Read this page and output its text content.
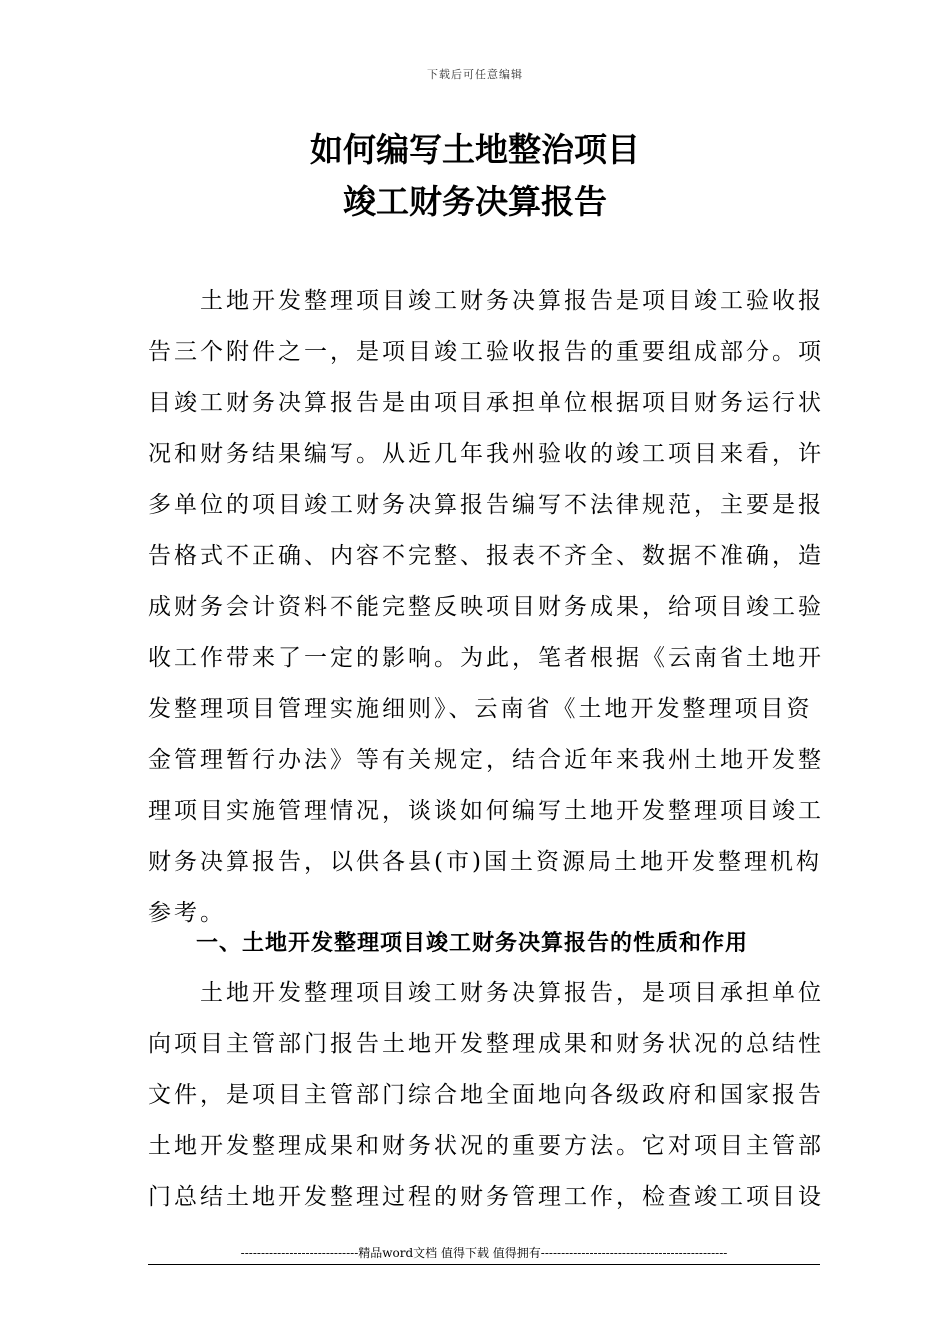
下载后可任意编辑
如何编写土地整治项目
竣工财务决算报告
　　土地开发整理项目竣工财务决算报告是项目竣工验收报
告三个附件之一，是项目竣工验收报告的重要组成部分。项
目竣工财务决算报告是由项目承担单位根据项目财务运行状
况和财务结果编写。从近几年我州验收的竣工项目来看，许
多单位的项目竣工财务决算报告编写不法律规范，主要是报
告格式不正确、内容不完整、报表不齐全、数据不准确，造
成财务会计资料不能完整反映项目财务成果，给项目竣工验
收工作带来了一定的影响。为此，笔者根据《云南省土地开
发整理项目管理实施细则》、云南省《土地开发整理项目资
金管理暂行办法》等有关规定，结合近年来我州土地开发整
理项目实施管理情况，谈谈如何编写土地开发整理项目竣工
财务决算报告，以供各县(市)国土资源局土地开发整理机构
参考。
一、土地开发整理项目竣工财务决算报告的性质和作用
　　土地开发整理项目竣工财务决算报告，是项目承担单位
向项目主管部门报告土地开发整理成果和财务状况的总结性
文件，是项目主管部门综合地全面地向各级政府和国家报告
土地开发整理成果和财务状况的重要方法。它对项目主管部
门总结土地开发整理过程的财务管理工作，检查竣工项目设
-----------------------------精品word文档 值得下载 值得拥有----------------------------------------------
